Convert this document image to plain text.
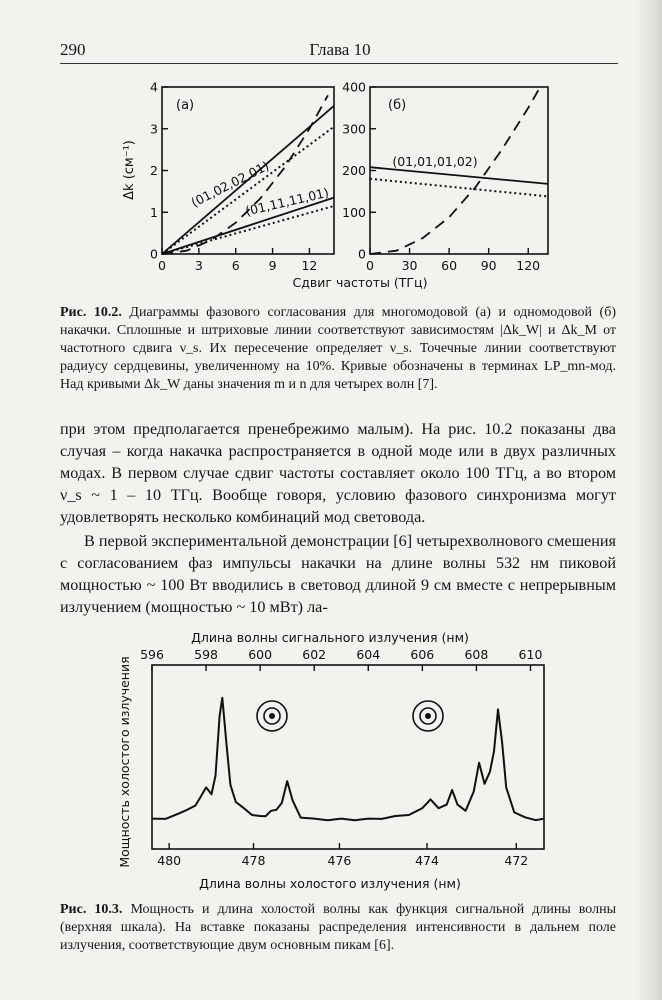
290	Глава 10
0 3 6 9 12
0
1
2
3
4
0 30 60 90 120
0
100
200
300
400
(a)	(б)
Δk (см⁻¹)	(01,02,02,01)
(01,11,11,01)
(01,01,01,02)
Сдвиг частоты (ТГц)
Рис. 10.2. Диаграммы фазового согласования для многомодовой (а) и одномодовой (б) накачки. Сплошные и штриховые линии соответствуют зависимостям |Δk_W| и Δk_M от частотного сдвига ν_s. Их пересечение определяет ν_s. Точечные линии соответствуют радиусу сердцевины, увеличенному на 10%. Кривые обозначены в терминах LP_mn-мод. Над кривыми Δk_W даны значения m и n для четырех волн [7].

при этом предполагается пренебрежимо малым). На рис. 10.2 показаны два случая – когда накачка распространяется в одной моде или в двух различных модах. В первом случае сдвиг частоты составляет около 100 ТГц, а во втором ν_s ~ 1 – 10 ТГц. Вообще говоря, условию фазового синхронизма могут удовлетворять несколько комбинаций мод световода.

В первой экспериментальной демонстрации [6] четырехволнового смешения с согласованием фаз импульсы накачки на длине волны 532 нм пиковой мощностью ~ 100 Вт вводились в световод длиной 9 см вместе с непрерывным излучением (мощностью ~ 10 мВт) ла-

Длина волны сигнального излучения (нм)
596 598 600 602 604 606 608 610
480	478	476	474	472
Мощность холостого излучения
Длина волны холостого излучения (нм)
Рис. 10.3. Мощность и длина холостой волны как функция сигнальной длины волны (верхняя шкала). На вставке показаны распределения интенсивности в дальнем поле излучения, соответствующие двум основным пикам [6].
